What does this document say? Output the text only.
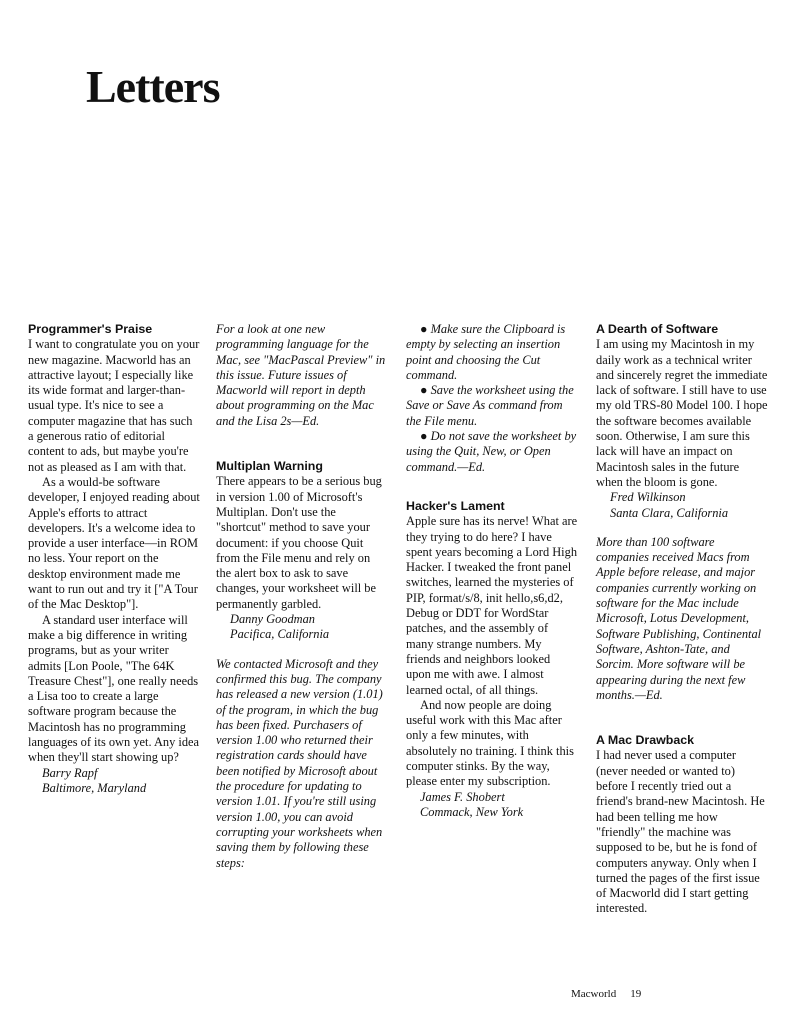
Letters
Programmer's Praise

I want to congratulate you on your new magazine. Macworld has an attractive layout; I especially like its wide format and larger-than-usual type. It's nice to see a computer magazine that has such a generous ratio of editorial content to ads, but maybe you're not as pleased as I am with that.

As a would-be software developer, I enjoyed reading about Apple's efforts to attract developers. It's a welcome idea to provide a user interface—in ROM no less. Your report on the desktop environment made me want to run out and try it ["A Tour of the Mac Desktop"].

A standard user interface will make a big difference in writing programs, but as your writer admits [Lon Poole, "The 64K Treasure Chest"], one really needs a Lisa too to create a large software program because the Macintosh has no programming languages of its own yet. Any idea when they'll start showing up?

Barry Rapf
Baltimore, Maryland

For a look at one new programming language for the Mac, see "MacPascal Preview" in this issue. Future issues of Macworld will report in depth about programming on the Mac and the Lisa 2s—Ed.

Multiplan Warning

There appears to be a serious bug in version 1.00 of Microsoft's Multiplan. Don't use the "shortcut" method to save your document: if you choose Quit from the File menu and rely on the alert box to ask to save changes, your worksheet will be permanently garbled.

Danny Goodman
Pacifica, California

We contacted Microsoft and they confirmed this bug. The company has released a new version (1.01) of the program, in which the bug has been fixed. Purchasers of version 1.00 who returned their registration cards should have been notified by Microsoft about the procedure for updating to version 1.01. If you're still using version 1.00, you can avoid corrupting your worksheets when saving them by following these steps:

● Make sure the Clipboard is empty by selecting an insertion point and choosing the Cut command.

● Save the worksheet using the Save or Save As command from the File menu.

● Do not save the worksheet by using the Quit, New, or Open command.—Ed.

Hacker's Lament

Apple sure has its nerve! What are they trying to do here? I have spent years becoming a Lord High Hacker. I tweaked the front panel switches, learned the mysteries of PIP, format/s/8, init hello,s6,d2, Debug or DDT for WordStar patches, and the assembly of many strange numbers. My friends and neighbors looked upon me with awe. I almost learned octal, of all things.

And now people are doing useful work with this Mac after only a few minutes, with absolutely no training. I think this computer stinks. By the way, please enter my subscription.

James F. Shobert
Commack, New York
A Dearth of Software

I am using my Macintosh in my daily work as a technical writer and sincerely regret the immediate lack of software. I still have to use my old TRS-80 Model 100. I hope the software becomes available soon. Otherwise, I am sure this lack will have an impact on Macintosh sales in the future when the bloom is gone.

Fred Wilkinson
Santa Clara, California

More than 100 software companies received Macs from Apple before release, and major companies currently working on software for the Mac include Microsoft, Lotus Development, Software Publishing, Continental Software, Ashton-Tate, and Sorcim. More software will be appearing during the next few months.—Ed.

A Mac Drawback

I had never used a computer (never needed or wanted to) before I recently tried out a friend's brand-new Macintosh. He had been telling me how "friendly" the machine was supposed to be, but he is fond of computers anyway. Only when I turned the pages of the first issue of Macworld did I start getting interested.

Macworld 19
